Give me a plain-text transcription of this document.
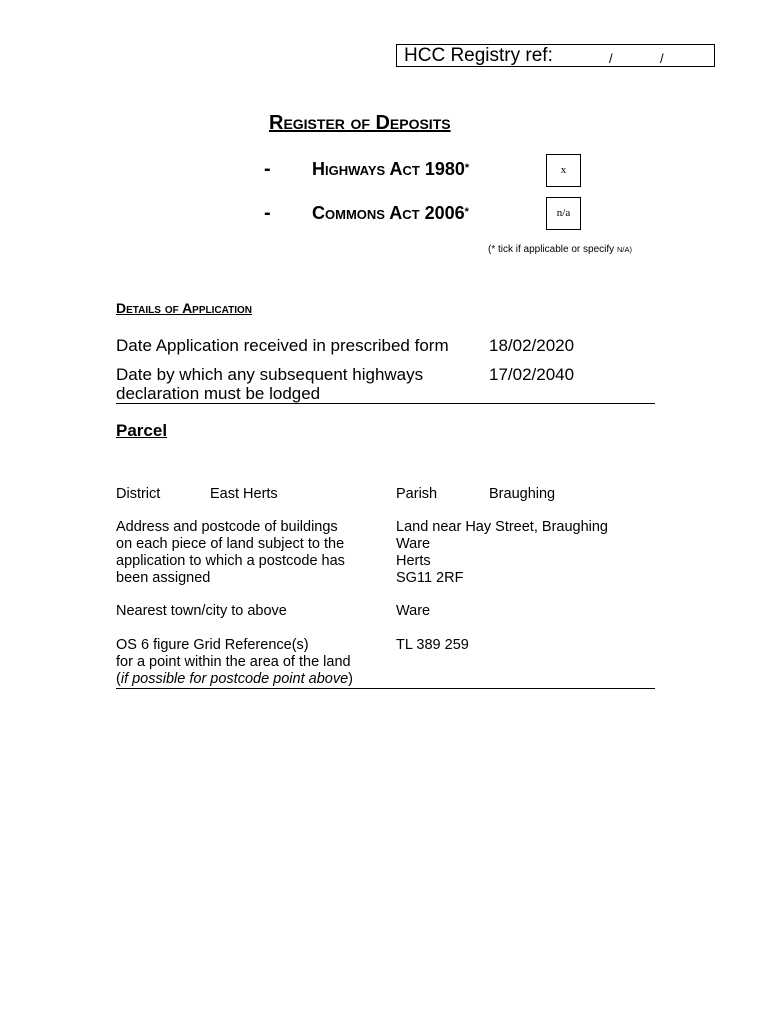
HCC Registry ref:	/	/
Register of Deposits
- Highways Act 1980*	x
- Commons Act 2006*	n/a
(* tick if applicable or specify N/A)
Details of Application
Date Application received in prescribed form 18/02/2020
Date by which any subsequent highways
declaration must be lodged
17/02/2040
Parcel
District	East Herts	Parish	Braughing
Address and postcode of buildings
on each piece of land subject to the
application to which a postcode has
been assigned
Land near Hay Street, Braughing
Ware
Herts
SG11 2RF
Nearest town/city to above	Ware
OS 6 figure Grid Reference(s)
for a point within the area of the land
(if possible for postcode point above)
TL 389 259
